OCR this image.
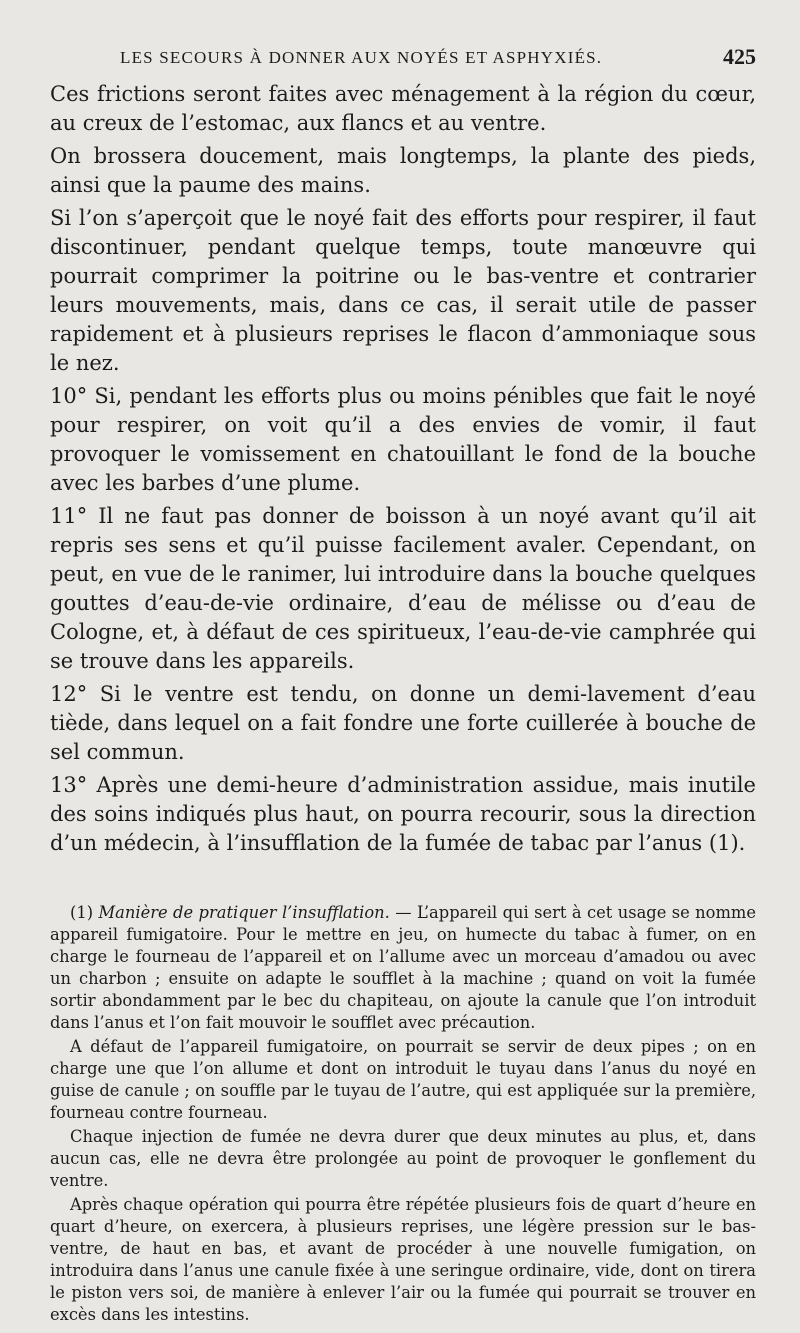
LES SECOURS À DONNER AUX NOYÉS ET ASPHYXIÉS.	425

Ces frictions seront faites avec ménagement à la région du cœur, au creux de l’estomac, aux flancs et au ventre.

On brossera doucement, mais longtemps, la plante des pieds, ainsi que la paume des mains.

Si l’on s’aperçoit que le noyé fait des efforts pour respirer, il faut discontinuer, pendant quelque temps, toute manœuvre qui pourrait comprimer la poitrine ou le bas-ventre et contrarier leurs mouvements, mais, dans ce cas, il serait utile de passer rapidement et à plusieurs reprises le flacon d’ammoniaque sous le nez.

10° Si, pendant les efforts plus ou moins pénibles que fait le noyé pour respirer, on voit qu’il a des envies de vomir, il faut provoquer le vomissement en chatouillant le fond de la bouche avec les barbes d’une plume.

11° Il ne faut pas donner de boisson à un noyé avant qu’il ait repris ses sens et qu’il puisse facilement avaler. Cependant, on peut, en vue de le ranimer, lui introduire dans la bouche quelques gouttes d’eau-de-vie ordinaire, d’eau de mélisse ou d’eau de Cologne, et, à défaut de ces spiritueux, l’eau-de-vie camphrée qui se trouve dans les appareils.

12° Si le ventre est tendu, on donne un demi-lavement d’eau tiède, dans lequel on a fait fondre une forte cuillerée à bouche de sel commun.

13° Après une demi-heure d’administration assidue, mais inutile des soins indiqués plus haut, on pourra recourir, sous la direction d’un médecin, à l’insufflation de la fumée de tabac par l’anus (1).

(1) Manière de pratiquer l’insufflation. — L’appareil qui sert à cet usage se nomme appareil fumigatoire. Pour le mettre en jeu, on humecte du tabac à fumer, on en charge le fourneau de l’appareil et on l’allume avec un morceau d’amadou ou avec un charbon ; ensuite on adapte le soufflet à la machine ; quand on voit la fumée sortir abondamment par le bec du chapiteau, on ajoute la canule que l’on introduit dans l’anus et l’on fait mouvoir le soufflet avec précaution.

A défaut de l’appareil fumigatoire, on pourrait se servir de deux pipes ; on en charge une que l’on allume et dont on introduit le tuyau dans l’anus du noyé en guise de canule ; on souffle par le tuyau de l’autre, qui est appliquée sur la première, fourneau contre fourneau.

Chaque injection de fumée ne devra durer que deux minutes au plus, et, dans aucun cas, elle ne devra être prolongée au point de provoquer le gonflement du ventre.

Après chaque opération qui pourra être répétée plusieurs fois de quart d’heure en quart d’heure, on exercera, à plusieurs reprises, une légère pression sur le bas-ventre, de haut en bas, et avant de procéder à une nouvelle fumigation, on introduira dans l’anus une canule fixée à une seringue ordinaire, vide, dont on tirera le piston vers soi, de manière à enlever l’air ou la fumée qui pourrait se trouver en excès dans les intestins.
